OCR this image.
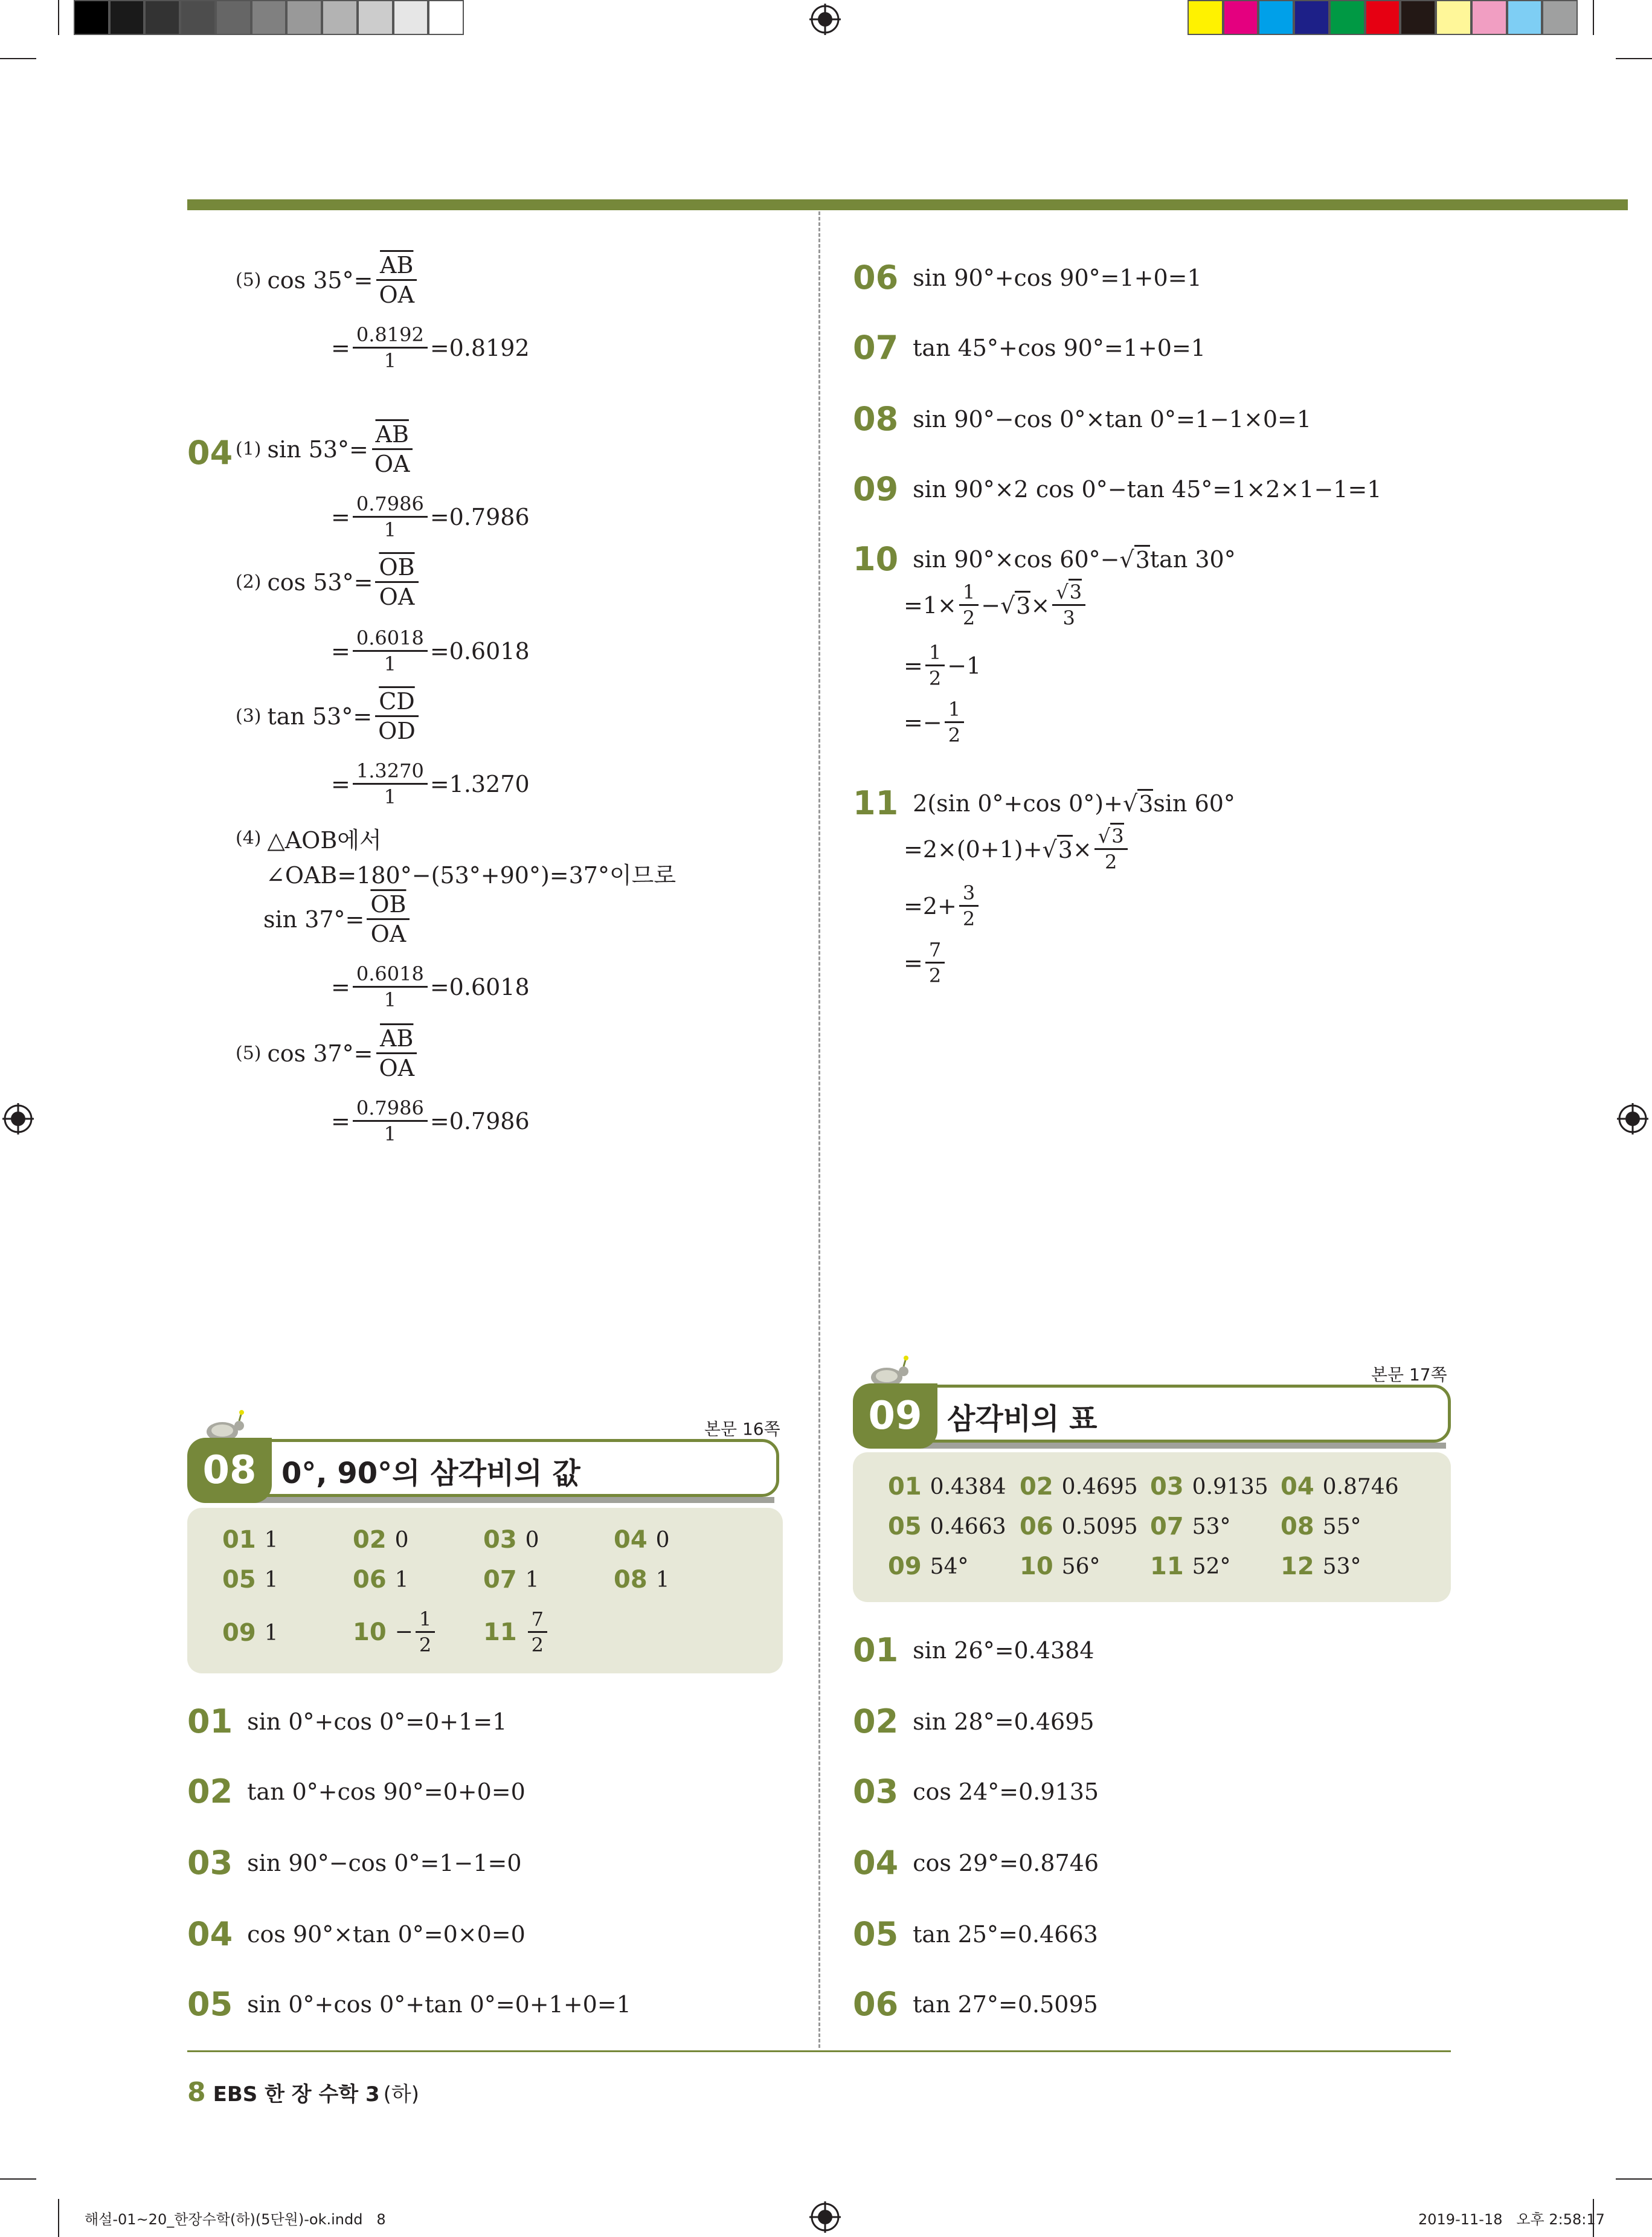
(5) $\cos 35^\circ= \frac{\overline{AB}}{OA}$
= $\frac{0.8192}{1} =0.8192$
04 (1) $\sin 53^\circ= \frac{\overline{AB}}{OA}$
= $\frac{0.7986}{1} =0.7986$
(2) $\cos 53^\circ= \frac{\overline{OB}}{OA}$
= $\frac{0.6018}{1} =0.6018$
(3) $\tan 53^\circ= \frac{\overline{CD}}{OD}$
= $\frac{1.3270}{1} =1.3270$
(4) △AOB에서
∠OAB=180°−(53°+90°)=37°이므로
$\sin 37^\circ= \frac{\overline{OB}}{OA}$
= $\frac{0.6018}{1} =0.6018$
(5) $\cos 37^\circ= \frac{\overline{AB}}{OA}$
= $\frac{0.7986}{1} =0.7986$
06 sin 90°+cos 90°=1+0=1
07 tan 45°+cos 90°=1+0=1
08 sin 90°−cos 0°×tan 0°=1−1×0=1
09 sin 90°×2 cos 0°−tan 45°=1×2×1−1=1
10 sin 90°×cos 60°− √ 3 tan 30°
$=1\times \frac{1}{2}$ − √ $3 \times \frac{√3}{3}$
= $\frac{1}{2} -1$
=− $\frac{1}{2}$
11 2(sin 0°+cos 0°)+ √ 3 sin 60°
=2×(0+1)+ √ $3 \times \frac{√3}{2}$
$=2+ \frac{3}{2}$
= $\frac{7}{2}$
본문 16쪽
08 0°, 90°의 삼각비의 값
01 1	02 0	03 0	04 0
05 1	06 1	07 1	08 1
09 1	$10 - \frac{1}{2} 11 \frac{7}{2}$
01 sin 0°+cos 0°=0+1=1
02 tan 0°+cos 90°=0+0=0
03 sin 90°−cos 0°=1−1=0
04 cos 90°×tan 0°=0×0=0
05 sin 0°+cos 0°+tan 0°=0+1+0=1
본문 17쪽
09 삼각비의 표
01 0.4384 02 0.4695 03 0.9135 04 0.8746
05 0.4663 06 0.5095 07 53° 08 55°
09 54° 10 56° 11 52° 12 53°
01 sin 26°=0.4384
02 sin 28°=0.4695
03 cos 24°=0.9135
04 cos 29°=0.8746
05 tan 25°=0.4663
06 tan 27°=0.5095
8 EBS 한 장 수학 3 (하)
해설-01~20_한장수학(하)(5단원)-ok.indd   8	2019-11-18   오후 2:58:17
